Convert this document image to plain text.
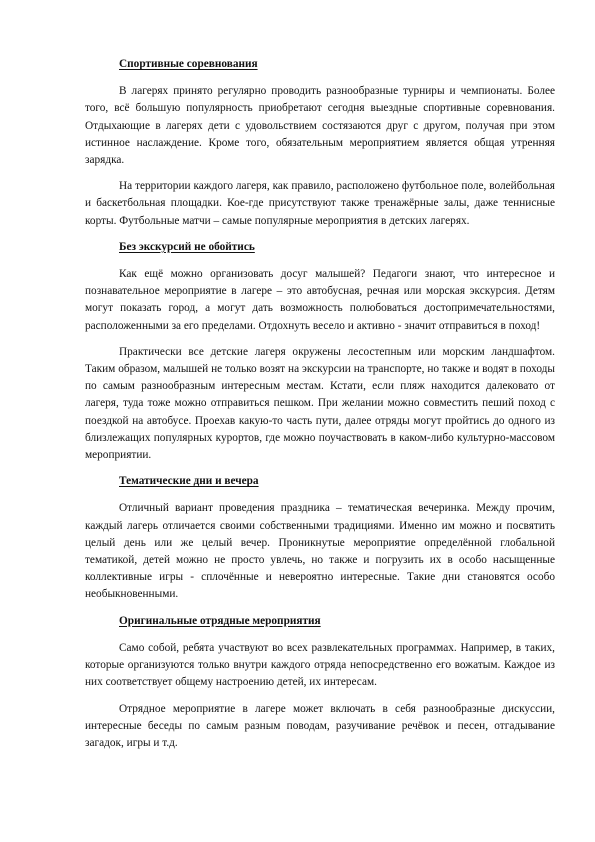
Спортивные соревнования

В лагерях принято регулярно проводить разнообразные турниры и чемпионаты. Более того, всё большую популярность приобретают сегодня выездные спортивные соревнования. Отдыхающие в лагерях дети с удовольствием состязаются друг с другом, получая при этом истинное наслаждение. Кроме того, обязательным мероприятием является общая утренняя зарядка.

На территории каждого лагеря, как правило, расположено футбольное поле, волейбольная и баскетбольная площадки. Кое-где присутствуют также тренажёрные залы, даже теннисные корты. Футбольные матчи – самые популярные мероприятия в детских лагерях.

Без экскурсий не обойтись

Как ещё можно организовать досуг малышей? Педагоги знают, что интересное и познавательное мероприятие в лагере – это автобусная, речная или морская экскурсия. Детям могут показать город, а могут дать возможность полюбоваться достопримечательностями, расположенными за его пределами. Отдохнуть весело и активно - значит отправиться в поход!

Практически все детские лагеря окружены лесостепным или морским ландшафтом. Таким образом, малышей не только возят на экскурсии на транспорте, но также и водят в походы по самым разнообразным интересным местам. Кстати, если пляж находится далековато от лагеря, туда тоже можно отправиться пешком. При желании можно совместить пеший поход с поездкой на автобусе. Проехав какую-то часть пути, далее отряды могут пройтись до одного из близлежащих популярных курортов, где можно поучаствовать в каком-либо культурно-массовом мероприятии.

Тематические дни и вечера

Отличный вариант проведения праздника – тематическая вечеринка. Между прочим, каждый лагерь отличается своими собственными традициями. Именно им можно и посвятить целый день или же целый вечер. Проникнутые мероприятие определённой глобальной тематикой, детей можно не просто увлечь, но также и погрузить их в особо насыщенные коллективные игры - сплочённые и невероятно интересные. Такие дни становятся особо необыкновенными.

Оригинальные отрядные мероприятия

Само собой, ребята участвуют во всех развлекательных программах. Например, в таких, которые организуются только внутри каждого отряда непосредственно его вожатым. Каждое из них соответствует общему настроению детей, их интересам.

Отрядное мероприятие в лагере может включать в себя разнообразные дискуссии, интересные беседы по самым разным поводам, разучивание речёвок и песен, отгадывание загадок, игры и т.д.
